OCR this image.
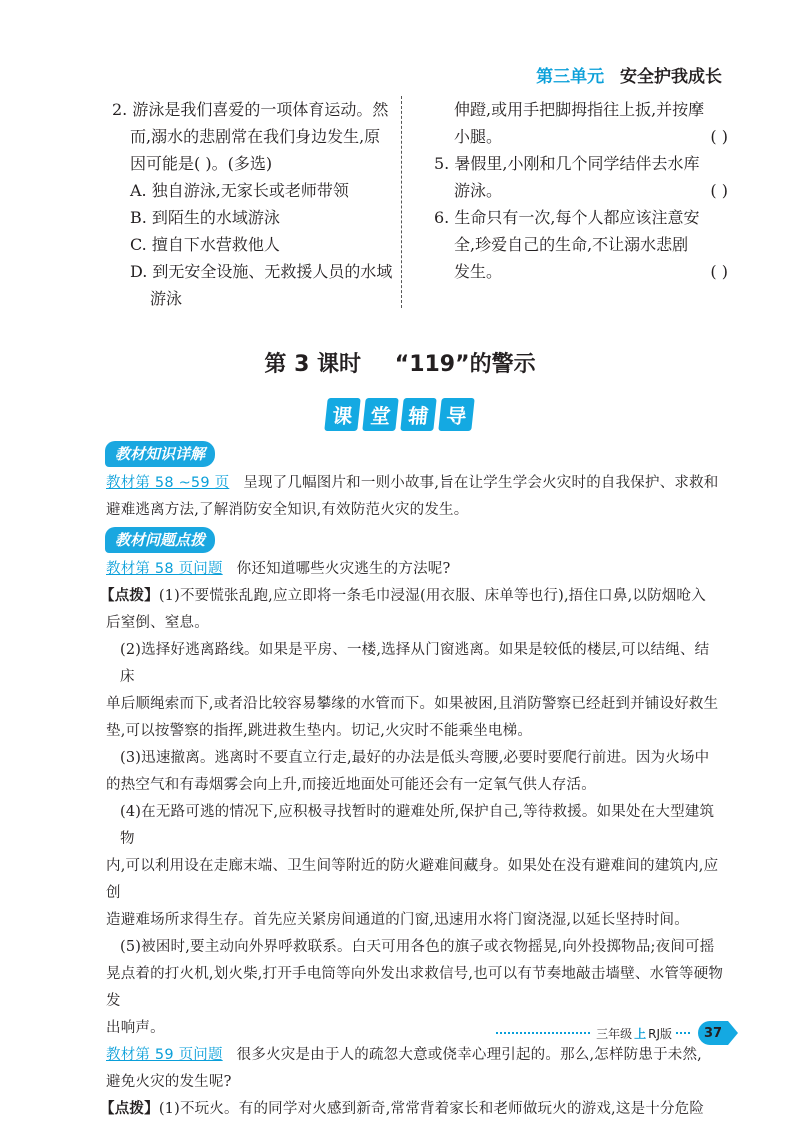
第三单元 安全护我成长
2. 游泳是我们喜爱的一项体育运动。然
而,溺水的悲剧常在我们身边发生,原
因可能是( )。(多选)
A. 独自游泳,无家长或老师带领
B. 到陌生的水域游泳
C. 擅自下水营救他人
D. 到无安全设施、无救援人员的水域
游泳
伸蹬,或用手把脚拇指往上扳,并按摩
小腿。	( )
5. 暑假里,小刚和几个同学结伴去水库
游泳。	( )
6. 生命只有一次,每个人都应该注意安
全,珍爱自己的生命,不让溺水悲剧
发生。	( )
第 3 课时 “119”的警示
课 堂 辅 导
教材知识详解
教材第 58 ~59 页 呈现了几幅图片和一则小故事,旨在让学生学会火灾时的自我保护、求救和
避难逃离方法,了解消防安全知识,有效防范火灾的发生。
教材问题点拨
教材第 58 页问题 你还知道哪些火灾逃生的方法呢?
【点拨】(1)不要慌张乱跑,应立即将一条毛巾浸湿(用衣服、床单等也行),捂住口鼻,以防烟呛入
后窒倒、窒息。
(2)选择好逃离路线。如果是平房、一楼,选择从门窗逃离。如果是较低的楼层,可以结绳、结床
单后顺绳索而下,或者沿比较容易攀缘的水管而下。如果被困,且消防警察已经赶到并铺设好救生
垫,可以按警察的指挥,跳进救生垫内。切记,火灾时不能乘坐电梯。
(3)迅速撤离。逃离时不要直立行走,最好的办法是低头弯腰,必要时要爬行前进。因为火场中
的热空气和有毒烟雾会向上升,而接近地面处可能还会有一定氧气供人存活。
(4)在无路可逃的情况下,应积极寻找暂时的避难处所,保护自己,等待救援。如果处在大型建筑物
内,可以利用设在走廊末端、卫生间等附近的防火避难间藏身。如果处在没有避难间的建筑内,应创
造避难场所求得生存。首先应关紧房间通道的门窗,迅速用水将门窗浇湿,以延长坚持时间。
(5)被困时,要主动向外界呼救联系。白天可用各色的旗子或衣物摇晃,向外投掷物品;夜间可摇
晃点着的打火机,划火柴,打开手电筒等向外发出求救信号,也可以有节奏地敲击墙壁、水管等硬物发
出响声。
教材第 59 页问题 很多火灾是由于人的疏忽大意或侥幸心理引起的。那么,怎样防患于未然,
避免火灾的发生呢?
【点拨】(1)不玩火。有的同学对火感到新奇,常常背着家长和老师做玩火的游戏,这是十分危险
三年级 上 RJ版	37
